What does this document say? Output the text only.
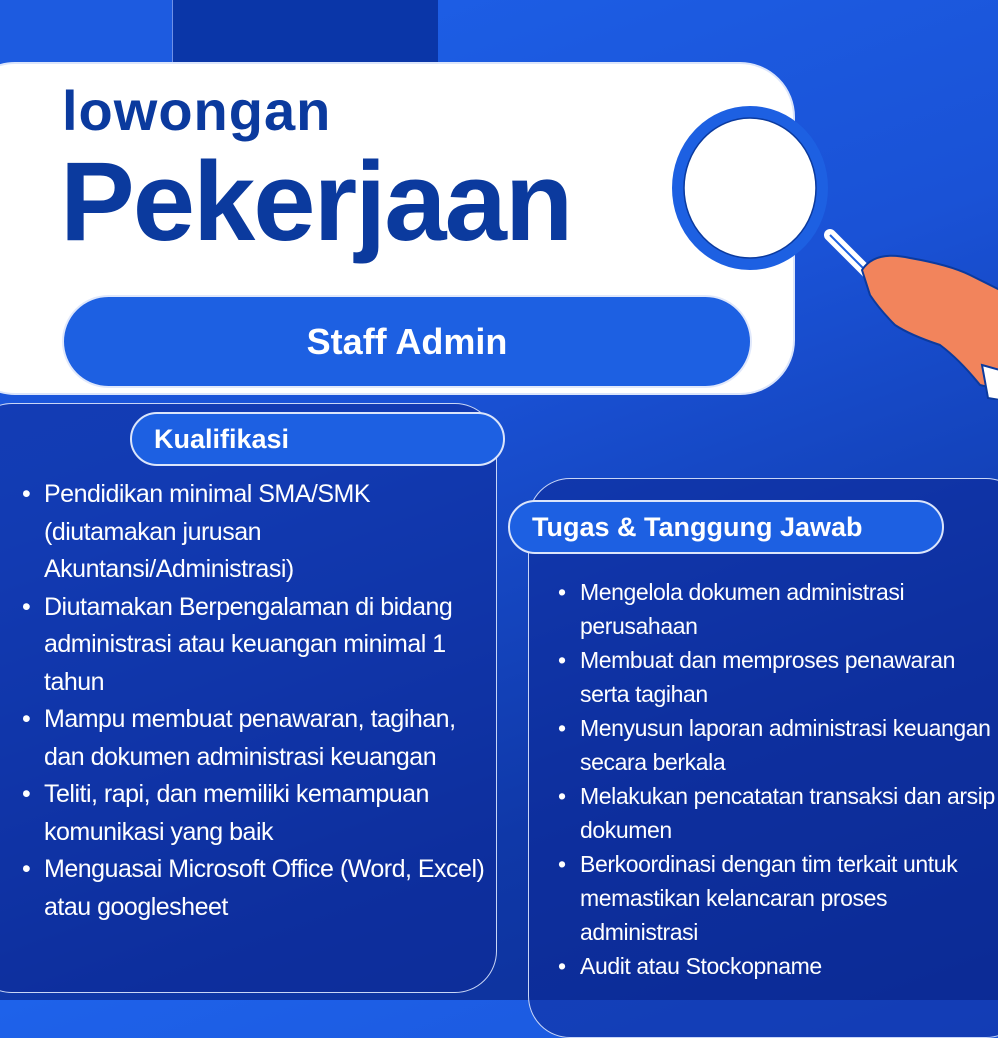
lowongan
Pekerjaan
Staff Admin
Kualifikasi
• Pendidikan minimal SMA/SMK (diutamakan jurusan Akuntansi/Administrasi)
• Diutamakan Berpengalaman di bidang administrasi atau keuangan minimal 1 tahun
• Mampu membuat penawaran, tagihan, dan dokumen administrasi keuangan
• Teliti, rapi, dan memiliki kemampuan komunikasi yang baik
• Menguasai Microsoft Office (Word, Excel) atau googlesheet
Tugas & Tanggung Jawab
• Mengelola dokumen administrasi perusahaan
• Membuat dan memproses penawaran serta tagihan
• Menyusun laporan administrasi keuangan secara berkala
• Melakukan pencatatan transaksi dan arsip dokumen
• Berkoordinasi dengan tim terkait untuk memastikan kelancaran proses administrasi
• Audit atau Stockopname
